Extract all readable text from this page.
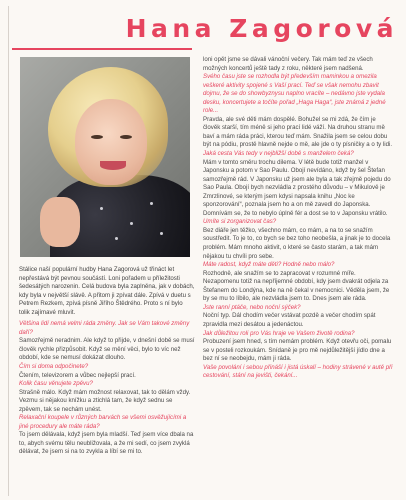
Hana Zagorová

Stálice naší populární hudby Hana Zagorová už třináct let nepřestává být pevnou součástí. Loni pořadem u příležitosti šedesátých narozenin. Celá budova byla zaplněna, jak v dobách, kdy byla v největší slávě. A přitom ji zpívat dále. Zpívá v duetu s Petrem Rezkem, zpívá písně Jiřího Štědrého. Proto s ní bylo tolik zajímavé mluvit.

Většina lidí nemá velmi ráda změny. Jak se Vám takové změny daří?

Samozřejmě neradnim. Ale když to přijde, v dnešní době se musí člověk rychle přizpůsobit. Když se mění věci, bylo to víc než období, kde se nemusí dokázat dlouho.

Čím si doma odpočinete?

Čtením, televizorem a vůbec nejlepší prací.

Kolik času věnujete zpěvu?

Strašně málo. Když mám možnost relaxovat, tak to dělám vždy. Vezmu si nějakou knížku a ztichlá tam, že když sednu se zpěvem, tak se nechám unést.

Relaxační koupele v různých barvách se všemi osvěžujícími a jiné procedury ale máte ráda?

To jsem dělávala, když jsem byla mladší. Teď jsem více dbala na to, abych svému tělu neubližovala, a že mi sedí, co jsem zvyklá dělávat, že jsem si na to zvykla a líbí se mi to.

loni opět jsme se dávali vánoční večery. Tak mám teď ze všech možných koncertů ještě tady z roku, některé jsem nadšená.

Svého času jste se rozhodla být především maminkou a omezila veškeré aktivity spojené s Vaší prací. Teď se však nemohu zbavit dojmu, že se do showbyznysu naplno vracíte – nedávno jste vydala desku, koncertujete a točíte pořad „Haga Haga“, jste známá z jedné role...

Pravda, ale své děti mám dospělé. Bohužel se mi zdá, že čím je člověk starší, tím méně si jeho prací lidé váží. Na druhou stranu mě baví a mám ráda práci, kterou teď mám. Snažila jsem se celou dobu být na pódiu, prostě hlavně nejde o mě, ale jde o ty písničky a o ty lidi.

Jaká cesta Vás tedy v nejbližší době s manželem čeká?

Mám v tomto směru trochu dilema. V létě bude totiž manžel v Japonsku a potom v Sao Paulu. Obojí nevídáno, když by šel Štefan samozřejmě rád. V Japonsku už jsem ale byla a tak zřejmě pojedu do Sao Paula. Obojí bych nezvládla z prostého důvodu – v Mikulově je Zmrzlinové, se kterým jsem kdysi napsala knihu „Noc ke sponzorování“, poznala jsem ho a on mě zavedl do Japonska. Domnívám se, že to nebylo úplně fér a dost se to v Japonsku vrátilo.

Umíte si zorganizovat čas?

Bez diáře jen těžko, všechno mám, co mám, a na to se snažím soustředit. To je to, co bych se bez toho neobešla, a jinak je to docela problém. Mám mnoho aktivit, o které se často starám, a tak mám nějakou tu chvíli pro sebe.

Máte radost, když máte děti? Hodně nebo málo?

Rozhodně, ale snažím se to zapracovat v rozumné míře. Nezapomenu totiž na nepříjemné období, kdy jsem dvakrát odjela za Štefanem do Londýna, kde na ně čekal v nemocnici. Věděla jsem, že by se mu to líbilo, ale nezvládla jsem to. Dnes jsem ale ráda.

Jste ranní ptáče, nebo noční sýček?

Noční typ. Dál chodím večer vstávat pozdě a večer chodím spát zpravidla mezi desátou a jedenáctou.

Jak důležitou roli pro Vás hraje ve Vašem životě rodina?

Probuzení jsem hned, s tím nemám problém. Když otevřu oči, pomalu se v posteli rozkoukám. Snídaně je pro mě nejdůležitější jídlo dne a bez ní se neobejdu, mám ji ráda.

Vaše povolání i sebou přináší i jistá úskalí – hodiny strávené v autě při cestování, stání na jevišti, čekání...
